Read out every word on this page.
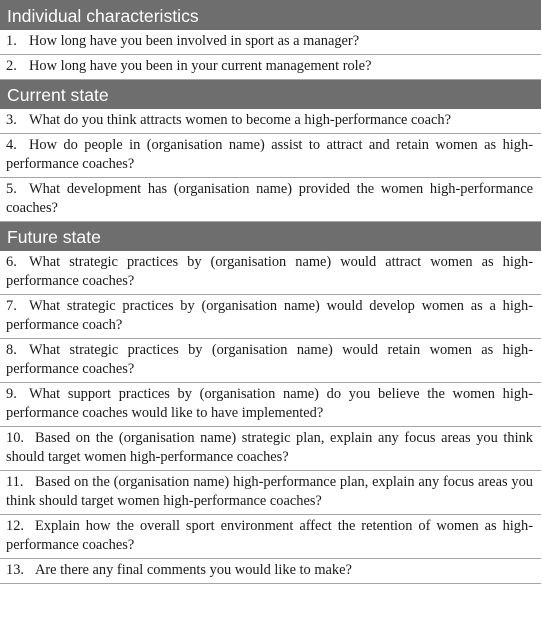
Individual characteristics
1. How long have you been involved in sport as a manager?
2. How long have you been in your current management role?
Current state
3. What do you think attracts women to become a high-performance coach?
4. How do people in (organisation name) assist to attract and retain women as high-performance coaches?
5. What development has (organisation name) provided the women high-performance coaches?
Future state
6. What strategic practices by (organisation name) would attract women as high-performance coaches?
7. What strategic practices by (organisation name) would develop women as a high-performance coach?
8. What strategic practices by (organisation name) would retain women as high-performance coaches?
9. What support practices by (organisation name) do you believe the women high-performance coaches would like to have implemented?
10. Based on the (organisation name) strategic plan, explain any focus areas you think should target women high-performance coaches?
11. Based on the (organisation name) high-performance plan, explain any focus areas you think should target women high-performance coaches?
12. Explain how the overall sport environment affect the retention of women as high-performance coaches?
13. Are there any final comments you would like to make?
